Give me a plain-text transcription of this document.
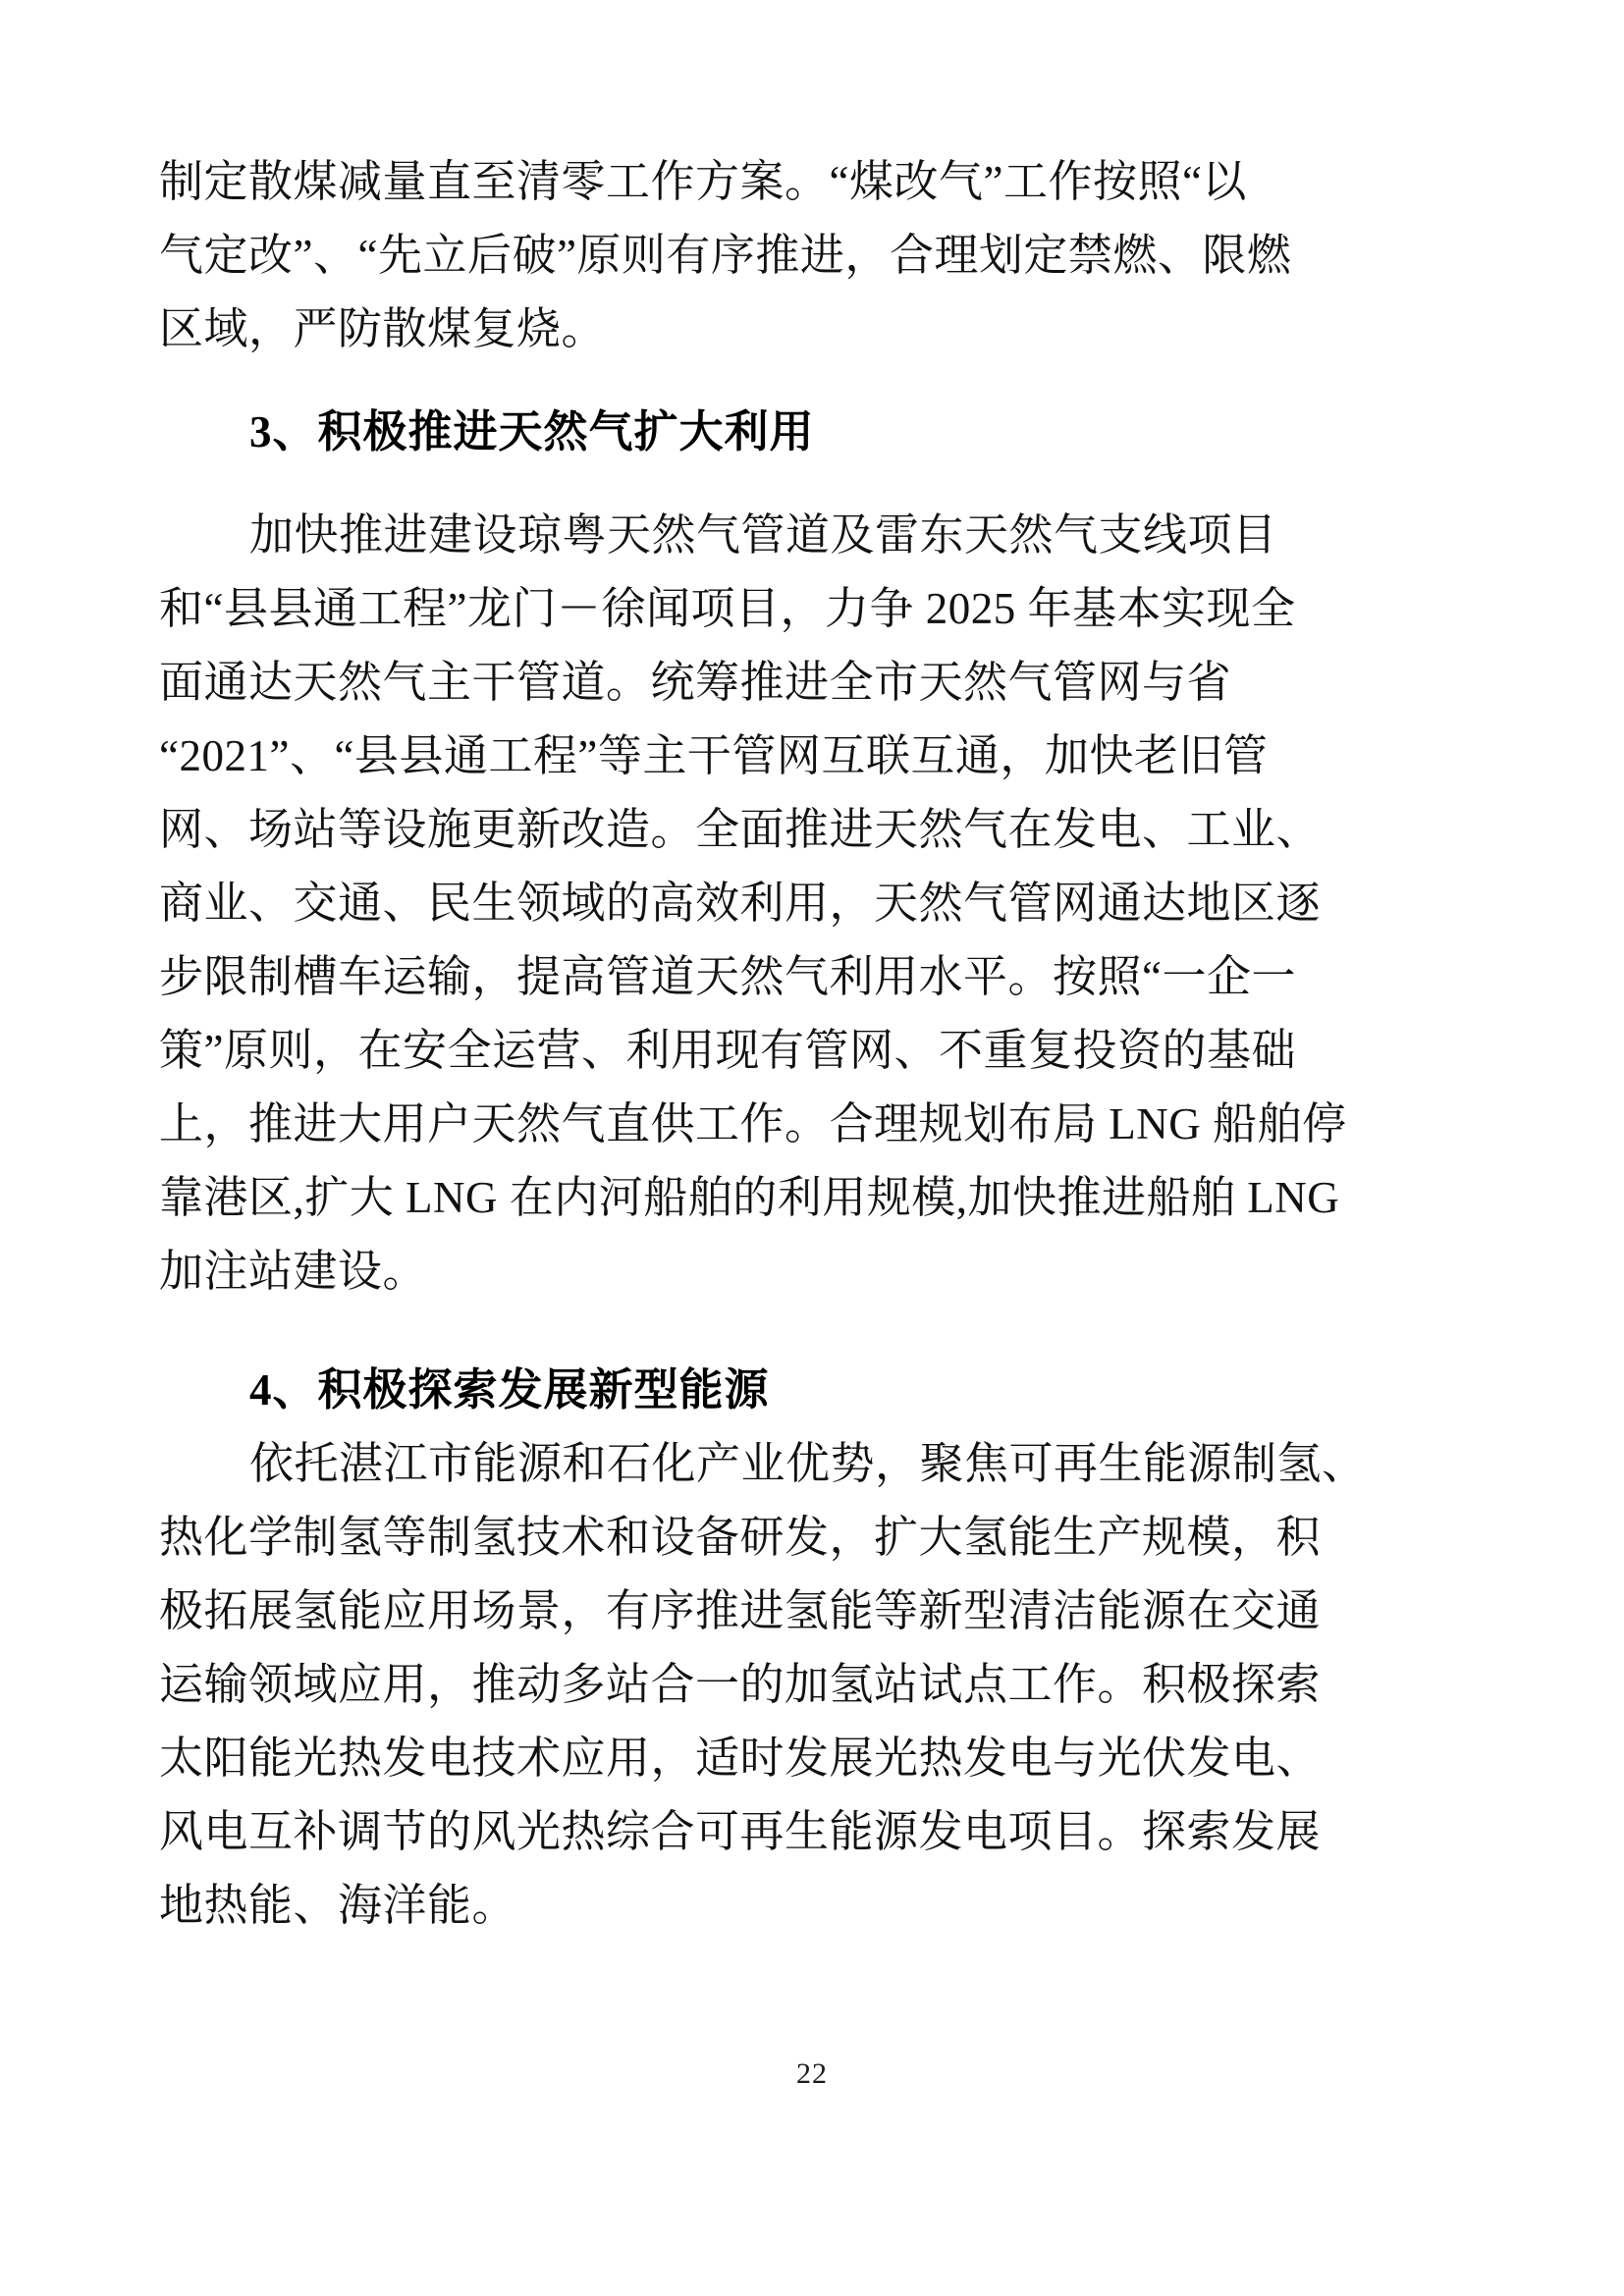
制定散煤减量直至清零工作方案。“煤改气”工作按照“以
气定改”、“先立后破”原则有序推进，合理划定禁燃、限燃
区域，严防散煤复烧。
3、积极推进天然气扩大利用
加快推进建设琼粤天然气管道及雷东天然气支线项目
和“县县通工程”龙门－徐闻项目，力争 2025 年基本实现全
面通达天然气主干管道。统筹推进全市天然气管网与省
“2021”、“县县通工程”等主干管网互联互通，加快老旧管
网、场站等设施更新改造。全面推进天然气在发电、工业、
商业、交通、民生领域的高效利用，天然气管网通达地区逐
步限制槽车运输，提高管道天然气利用水平。按照“一企一
策”原则，在安全运营、利用现有管网、不重复投资的基础
上，推进大用户天然气直供工作。合理规划布局 LNG 船舶停
靠港区,扩大 LNG 在内河船舶的利用规模,加快推进船舶 LNG
加注站建设。
4、积极探索发展新型能源
依托湛江市能源和石化产业优势，聚焦可再生能源制氢、
热化学制氢等制氢技术和设备研发，扩大氢能生产规模，积
极拓展氢能应用场景，有序推进氢能等新型清洁能源在交通
运输领域应用，推动多站合一的加氢站试点工作。积极探索
太阳能光热发电技术应用，适时发展光热发电与光伏发电、
风电互补调节的风光热综合可再生能源发电项目。探索发展
地热能、海洋能。
22
